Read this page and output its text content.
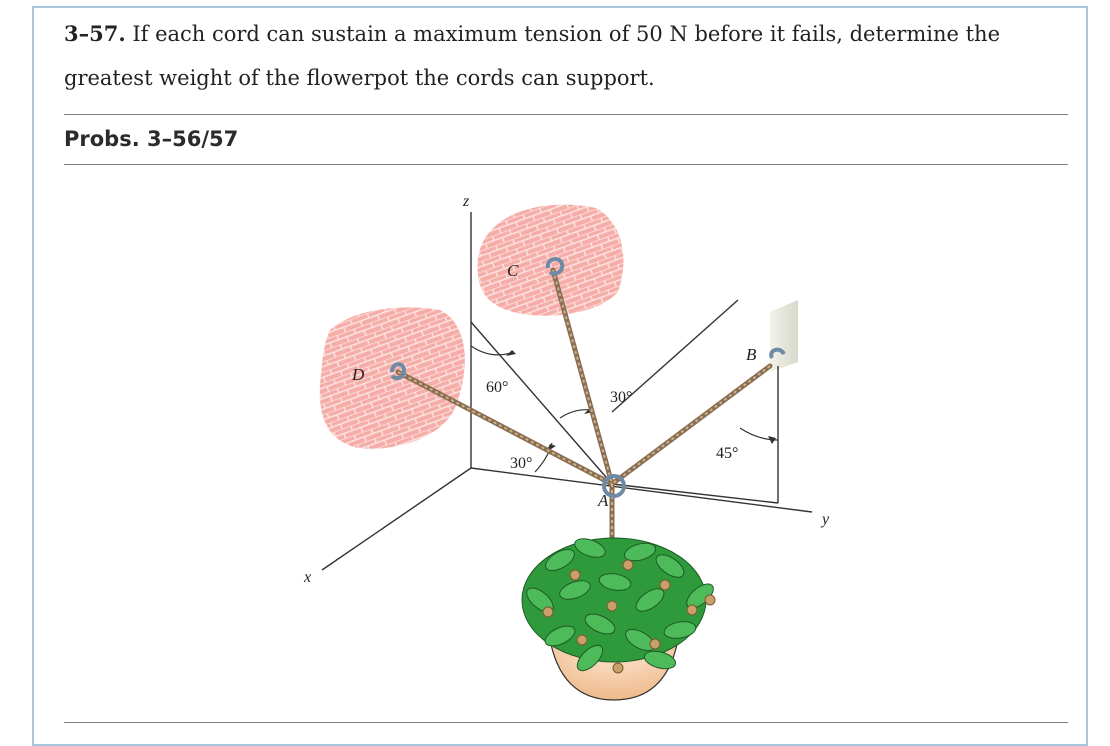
3–57. If each cord can sustain a maximum tension of 50 N before it fails, determine the greatest weight of the flowerpot the cords can support.
Probs. 3–56/57
z
x
y
C
D
B
A
60°
30°
30°
45°
